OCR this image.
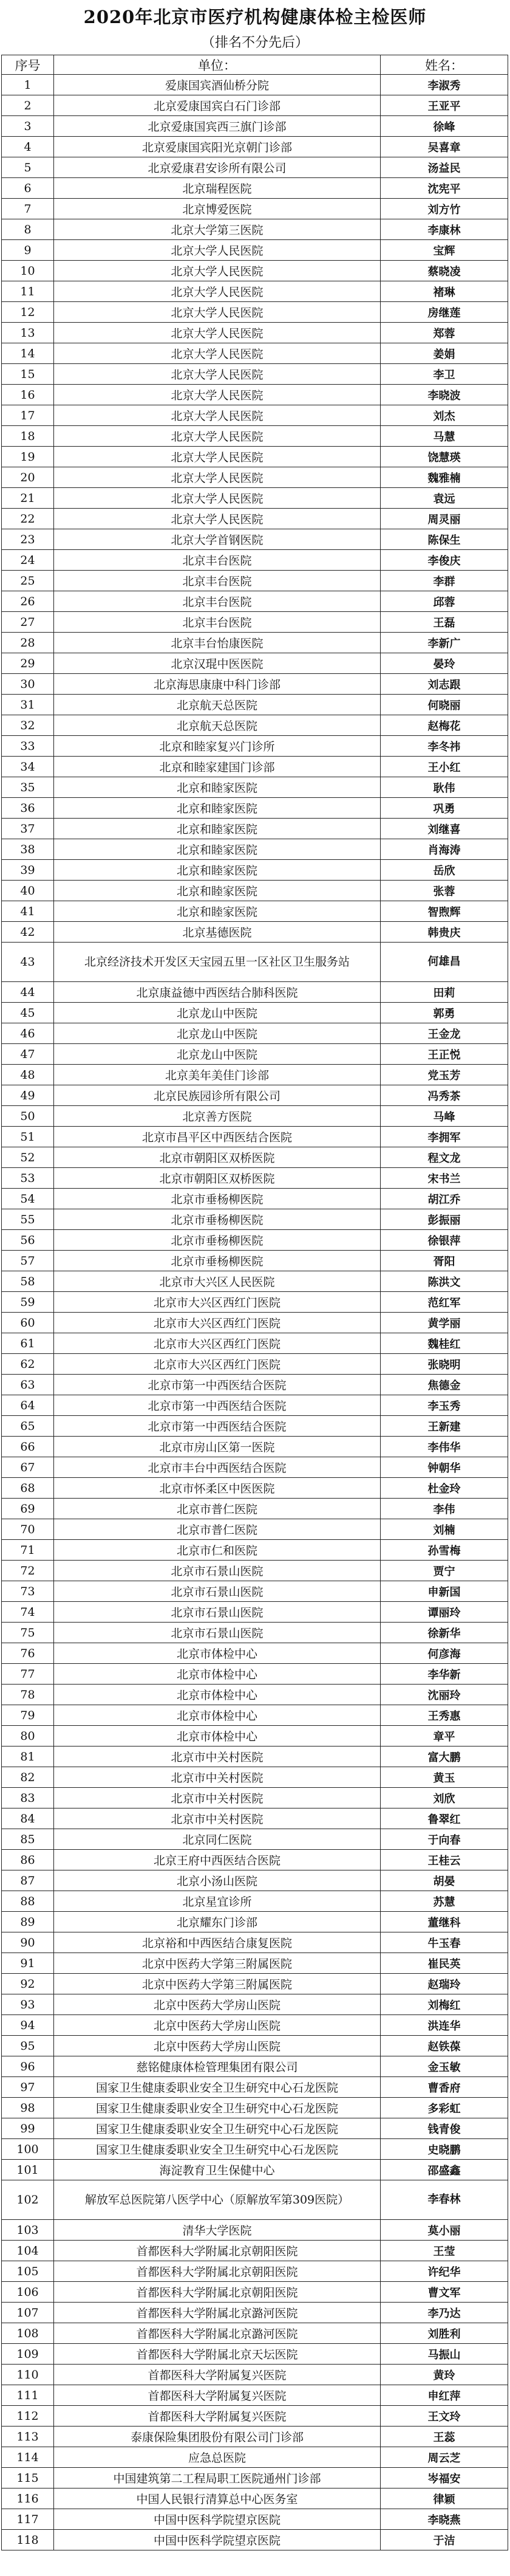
2020年北京市医疗机构健康体检主检医师
（排名不分先后）
序号	单位：	姓名：
1	爱康国宾酒仙桥分院	李淑秀
2	北京爱康国宾白石门诊部	王亚平
3	北京爱康国宾西三旗门诊部	徐峰
4	北京爱康国宾阳光京朝门诊部	吴喜章
5	北京爱康君安诊所有限公司	汤益民
6	北京瑞程医院	沈宪平
7	北京博爱医院	刘方竹
8	北京大学第三医院	李康林
9	北京大学人民医院	宝辉
10	北京大学人民医院	蔡晓凌
11	北京大学人民医院	褚琳
12	北京大学人民医院	房继莲
13	北京大学人民医院	郑蓉
14	北京大学人民医院	姜娟
15	北京大学人民医院	李卫
16	北京大学人民医院	李晓波
17	北京大学人民医院	刘杰
18	北京大学人民医院	马慧
19	北京大学人民医院	饶慧瑛
20	北京大学人民医院	魏雅楠
21	北京大学人民医院	袁远
22	北京大学人民医院	周灵丽
23	北京大学首钢医院	陈保生
24	北京丰台医院	李俊庆
25	北京丰台医院	李群
26	北京丰台医院	邱蓉
27	北京丰台医院	王磊
28	北京丰台怡康医院	李新广
29	北京汉琨中医医院	晏玲
30	北京海思康康中科门诊部	刘志跟
31	北京航天总医院	何晓丽
32	北京航天总医院	赵梅花
33	北京和睦家复兴门诊所	李冬祎
34	北京和睦家建国门诊部	王小红
35	北京和睦家医院	耿伟
36	北京和睦家医院	巩勇
37	北京和睦家医院	刘继喜
38	北京和睦家医院	肖海涛
39	北京和睦家医院	岳欣
40	北京和睦家医院	张蓉
41	北京和睦家医院	智煦辉
42	北京基德医院	韩贵庆
43	北京经济技术开发区天宝园五里一区社区卫生服务站	何雄昌
44	北京康益德中西医结合肺科医院	田莉
45	北京龙山中医院	郭勇
46	北京龙山中医院	王金龙
47	北京龙山中医院	王正悦
48	北京美年美佳门诊部	党玉芳
49	北京民族园诊所有限公司	冯秀茶
50	北京善方医院	马峰
51	北京市昌平区中西医结合医院	李拥军
52	北京市朝阳区双桥医院	程文龙
53	北京市朝阳区双桥医院	宋书兰
54	北京市垂杨柳医院	胡江乔
55	北京市垂杨柳医院	彭振丽
56	北京市垂杨柳医院	徐银萍
57	北京市垂杨柳医院	胥阳
58	北京市大兴区人民医院	陈洪文
59	北京市大兴区西红门医院	范红军
60	北京市大兴区西红门医院	黄学丽
61	北京市大兴区西红门医院	魏桂红
62	北京市大兴区西红门医院	张晓明
63	北京市第一中西医结合医院	焦德金
64	北京市第一中西医结合医院	李玉秀
65	北京市第一中西医结合医院	王新建
66	北京市房山区第一医院	李伟华
67	北京市丰台中西医结合医院	钟朝华
68	北京市怀柔区中医医院	杜金玲
69	北京市普仁医院	李伟
70	北京市普仁医院	刘楠
71	北京市仁和医院	孙雪梅
72	北京市石景山医院	贾宁
73	北京市石景山医院	申新国
74	北京市石景山医院	谭丽玲
75	北京市石景山医院	徐新华
76	北京市体检中心	何彦海
77	北京市体检中心	李华新
78	北京市体检中心	沈丽玲
79	北京市体检中心	王秀惠
80	北京市体检中心	章平
81	北京市中关村医院	富大鹏
82	北京市中关村医院	黄玉
83	北京市中关村医院	刘欣
84	北京市中关村医院	鲁翠红
85	北京同仁医院	于向春
86	北京王府中西医结合医院	王桂云
87	北京小汤山医院	胡晏
88	北京星宜诊所	苏慧
89	北京耀东门诊部	董继科
90	北京裕和中西医结合康复医院	牛玉春
91	北京中医药大学第三附属医院	崔民英
92	北京中医药大学第三附属医院	赵瑞玲
93	北京中医药大学房山医院	刘梅红
94	北京中医药大学房山医院	洪连华
95	北京中医药大学房山医院	赵铁葆
96	慈铭健康体检管理集团有限公司	金玉敏
97	国家卫生健康委职业安全卫生研究中心石龙医院	曹香府
98	国家卫生健康委职业安全卫生研究中心石龙医院	多彩虹
99	国家卫生健康委职业安全卫生研究中心石龙医院	钱青俊
100	国家卫生健康委职业安全卫生研究中心石龙医院	史晓鹏
101	海淀教育卫生保健中心	邵盛鑫
102	解放军总医院第八医学中心（原解放军第309医院）	李春林
103	清华大学医院	莫小丽
104	首都医科大学附属北京朝阳医院	王莹
105	首都医科大学附属北京朝阳医院	许纪华
106	首都医科大学附属北京朝阳医院	曹文军
107	首都医科大学附属北京潞河医院	李乃达
108	首都医科大学附属北京潞河医院	刘胜利
109	首都医科大学附属北京天坛医院	马振山
110	首都医科大学附属复兴医院	黄玲
111	首都医科大学附属复兴医院	申红萍
112	首都医科大学附属复兴医院	王文玲
113	泰康保险集团股份有限公司门诊部	王蕊
114	应急总医院	周云芝
115	中国建筑第二工程局职工医院通州门诊部	岑福安
116	中国人民银行清算总中心医务室	律颖
117	中国中医科学院望京医院	李晓燕
118	中国中医科学院望京医院	于洁
